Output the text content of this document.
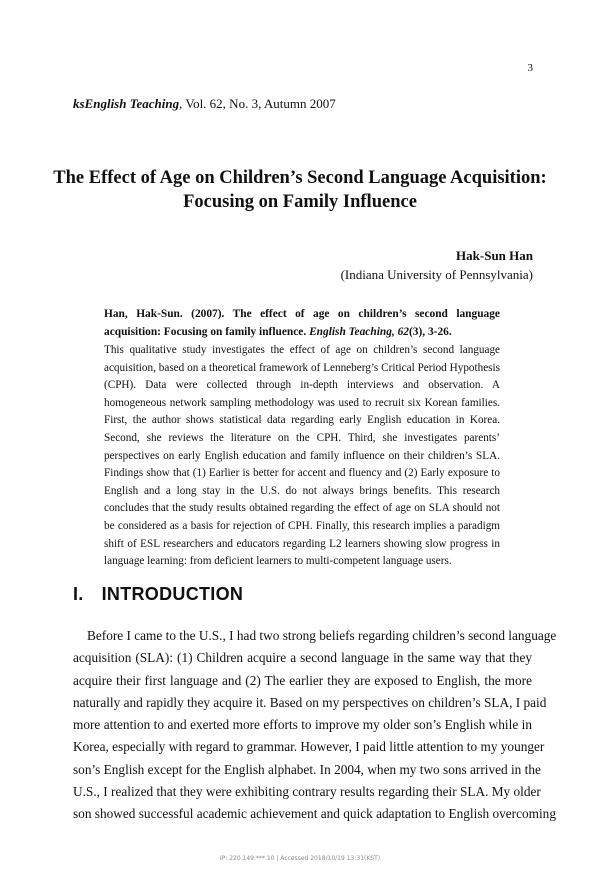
3
ksEnglish Teaching, Vol. 62, No. 3, Autumn 2007
The Effect of Age on Children’s Second Language Acquisition:
Focusing on Family Influence
Hak-Sun Han
(Indiana University of Pennsylvania)
Han, Hak-Sun. (2007). The effect of age on children’s second language acquisition: Focusing on family influence. English Teaching, 62(3), 3-26.
This qualitative study investigates the effect of age on children’s second language
acquisition, based on a theoretical framework of Lenneberg’s Critical Period Hypothesis
(CPH). Data were collected through in-depth interviews and observation. A
homogeneous network sampling methodology was used to recruit six Korean families.
First, the author shows statistical data regarding early English education in Korea.
Second, she reviews the literature on the CPH. Third, she investigates parents’
perspectives on early English education and family influence on their children’s SLA.
Findings show that (1) Earlier is better for accent and fluency and (2) Early exposure to
English and a long stay in the U.S. do not always brings benefits. This research
concludes that the study results obtained regarding the effect of age on SLA should not
be considered as a basis for rejection of CPH. Finally, this research implies a paradigm
shift of ESL researchers and educators regarding L2 learners showing slow progress in
language learning: from deficient learners to multi-competent language users.
I. INTRODUCTION
Before I came to the U.S., I had two strong beliefs regarding children’s second language
acquisition (SLA): (1) Children acquire a second language in the same way that they
acquire their first language and (2) The earlier they are exposed to English, the more
naturally and rapidly they acquire it. Based on my perspectives on children’s SLA, I paid
more attention to and exerted more efforts to improve my older son’s English while in
Korea, especially with regard to grammar. However, I paid little attention to my younger
son’s English except for the English alphabet. In 2004, when my two sons arrived in the
U.S., I realized that they were exhibiting contrary results regarding their SLA. My older
son showed successful academic achievement and quick adaptation to English overcoming
IP: 220.149.***.10 | Accessed 2018/10/19 13:31(KST)
